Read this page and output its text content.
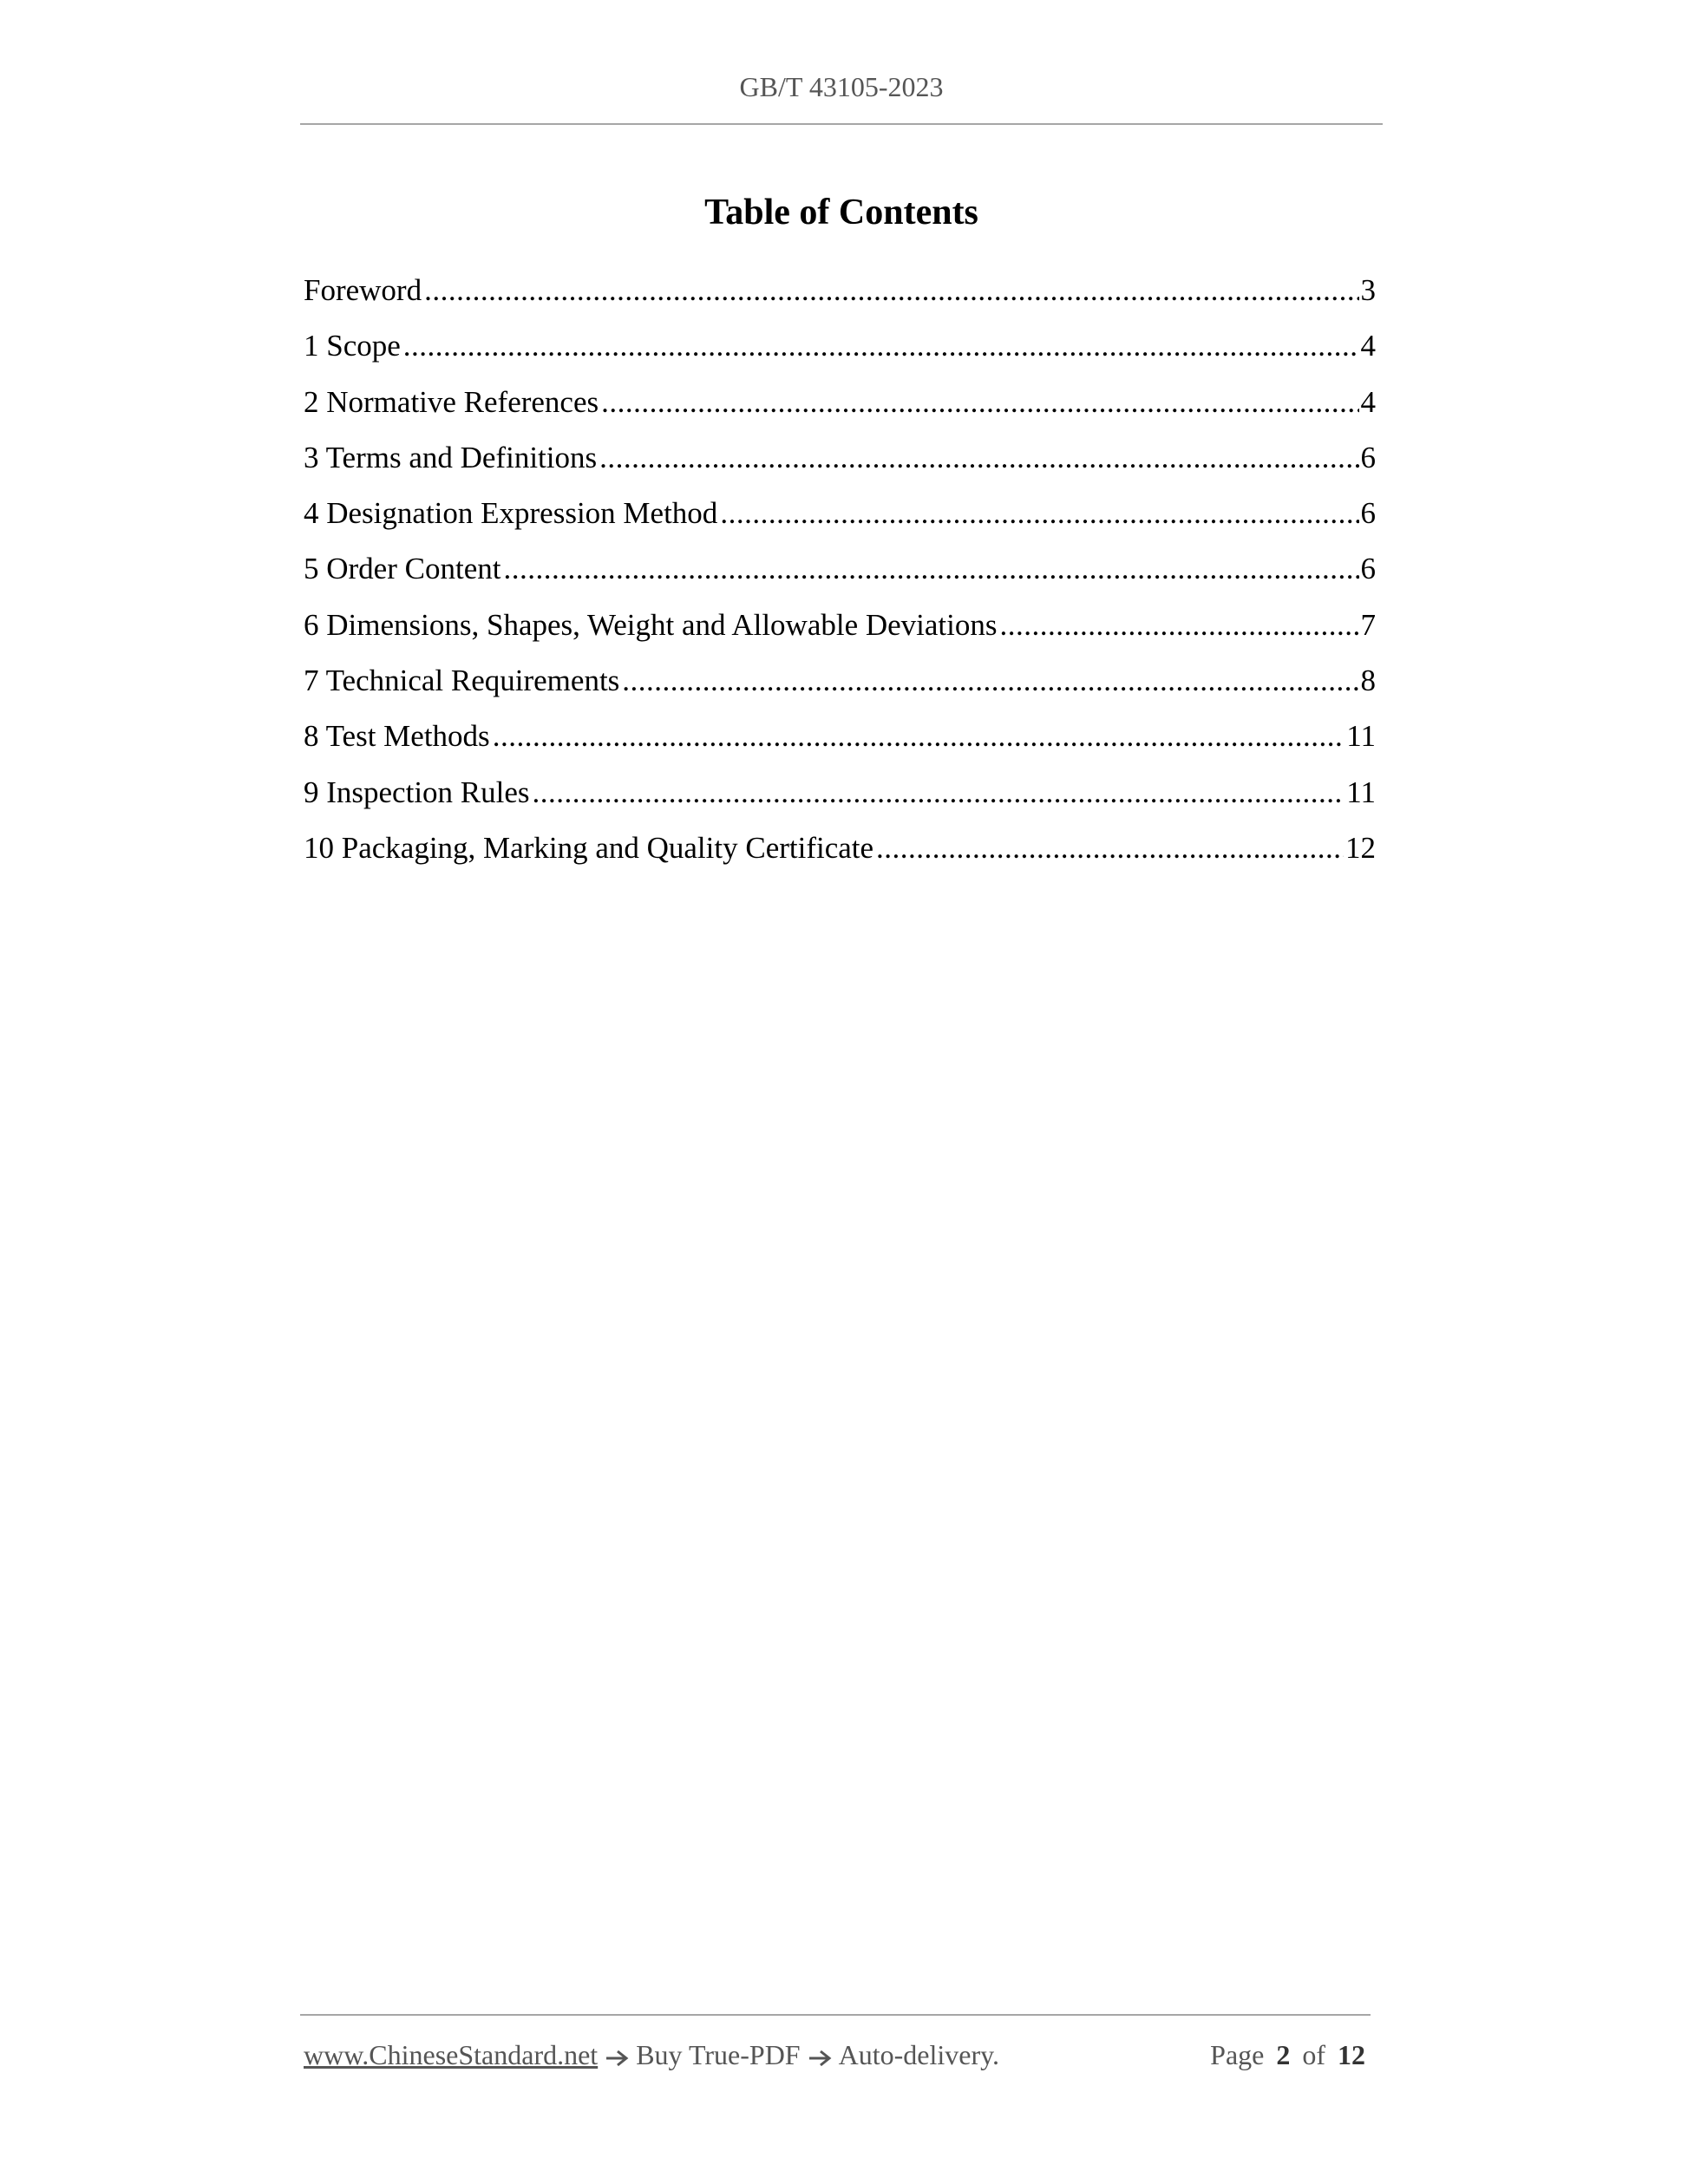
GB/T 43105-2023
Table of Contents
Foreword .....	3
1 Scope .....	4
2 Normative References .....	4
3 Terms and Definitions .....	6
4 Designation Expression Method .....	6
5 Order Content .....	6
6 Dimensions, Shapes, Weight and Allowable Deviations .....	7
7 Technical Requirements .....	8
8 Test Methods .....	11
9 Inspection Rules .....	11
10 Packaging, Marking and Quality Certificate .....	12
www.ChineseStandard.net Buy True-PDF Auto-delivery.	Page 2 of 12
